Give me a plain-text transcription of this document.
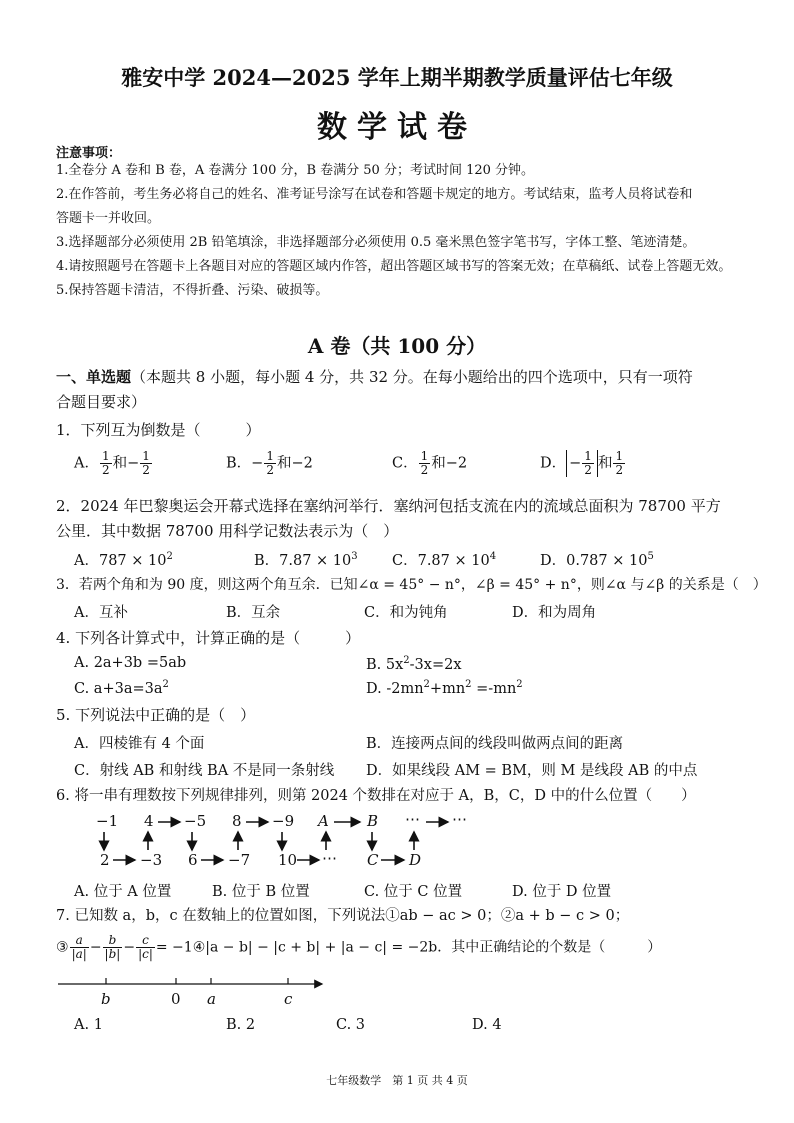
雅安中学 2024—2025 学年上期半期教学质量评估七年级
数学试卷
注意事项：
1.全卷分 A 卷和 B 卷，A 卷满分 100 分，B 卷满分 50 分；考试时间 120 分钟。
2.在作答前，考生务必将自己的姓名、准考证号涂写在试卷和答题卡规定的地方。考试结束，监考人员将试卷和
答题卡一并收回。
3.选择题部分必须使用 2B 铅笔填涂，非选择题部分必须使用 0.5 毫米黑色签字笔书写，字体工整、笔迹清楚。
4.请按照题号在答题卡上各题目对应的答题区域内作答，超出答题区域书写的答案无效；在草稿纸、试卷上答题无效。
5.保持答题卡清洁，不得折叠、污染、破损等。
A 卷（共 100 分）
一、单选题（本题共 8 小题，每小题 4 分，共 32 分。在每小题给出的四个选项中，只有一项符
合题目要求）
1．下列互为倒数是（　　　）
A． $\frac{1}{2}$ 和− $\frac{1}{2}$	B．− $\frac{1}{2}$ 和−2	C． $\frac{1}{2}$ 和−2	D． − $\frac{1}{2}$ 和 $\frac{1}{2}$
2．2024 年巴黎奥运会开幕式选择在塞纳河举行．塞纳河包括支流在内的流域总面积为 78700 平方
公里．其中数据 78700 用科学记数法表示为（　）
A．$787 \times 10^2$	B．$7.87 \times 10^3$ C．$7.87 \times 10^4$	D．$0.787 \times 10^5$
3．若两个角和为 90 度，则这两个角互余．已知∠α = 45° − n°，∠β = 45° + n°，则∠α 与∠β 的关系是（　）
A．互补	B．互余	C．和为钝角	D．和为周角
4. 下列各计算式中，计算正确的是（　　　）
A. 2a+3b =5ab	B. $5x^2-3x=2x$
C. $a+3a=3a^2$	D. $-2mn^2+mn^2 =-mn^2$
5. 下列说法中正确的是（　）
A．四棱锥有 4 个面	B．连接两点间的线段叫做两点间的距离
C．射线 AB 和射线 BA 不是同一条射线 D．如果线段 AM = BM，则 M 是线段 AB 的中点
6. 将一串有理数按下列规律排列，则第 2024 个数排在对应于 A，B，C，D 中的什么位置（　　）
−1 4 −5 8 −9 A	B ⋯ ⋯
2 −3 6 −7 10 ⋯ C D
A. 位于 A 位置	B. 位于 B 位置	C. 位于 C 位置	D. 位于 D 位置
7. 已知数 a，b，c 在数轴上的位置如图，下列说法①ab − ac > 0；②a + b − c > 0；
③ $\frac{a}{|a|} - \frac{b}{|b|} - \frac{c}{|c|}$ = −1④|a − b| − |c + b| + |a − c| = −2b．其中正确结论的个数是（　　　）
b	0 a	c
A. 1	B. 2	C. 3	D. 4
七年级数学　第 1 页 共 4 页
